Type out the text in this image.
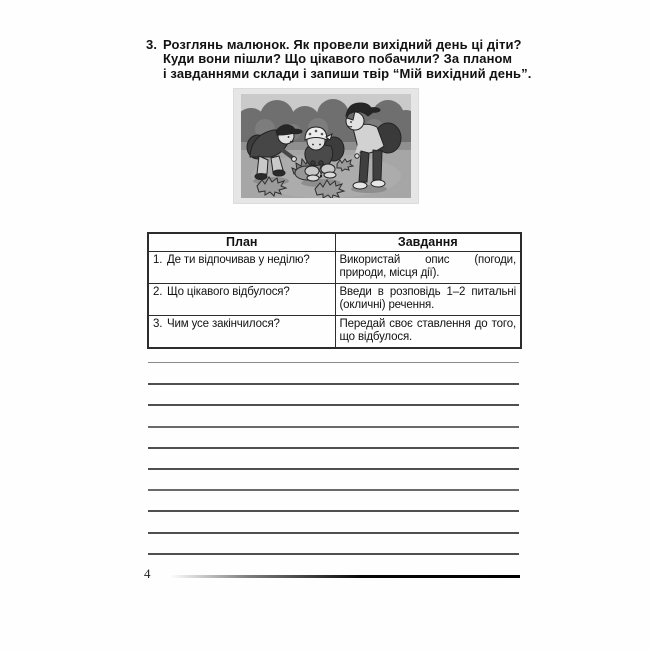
3. Розглянь малюнок. Як провели вихідний день ці діти?
Куди вони пішли? Що цікавого побачили? За планом
і завданнями склади і запиши твір “Мій вихідний день”.
План	Завдання

1. Де ти відпочивав у неділю?	Використай опис (погоди, природи, місця дії).

2. Що цікавого відбулося?	Введи в розповідь 1–2 питальні (окличні) речення.

3. Чим усе закінчилося?	Передай своє ставлення до того, що відбулося.
4
